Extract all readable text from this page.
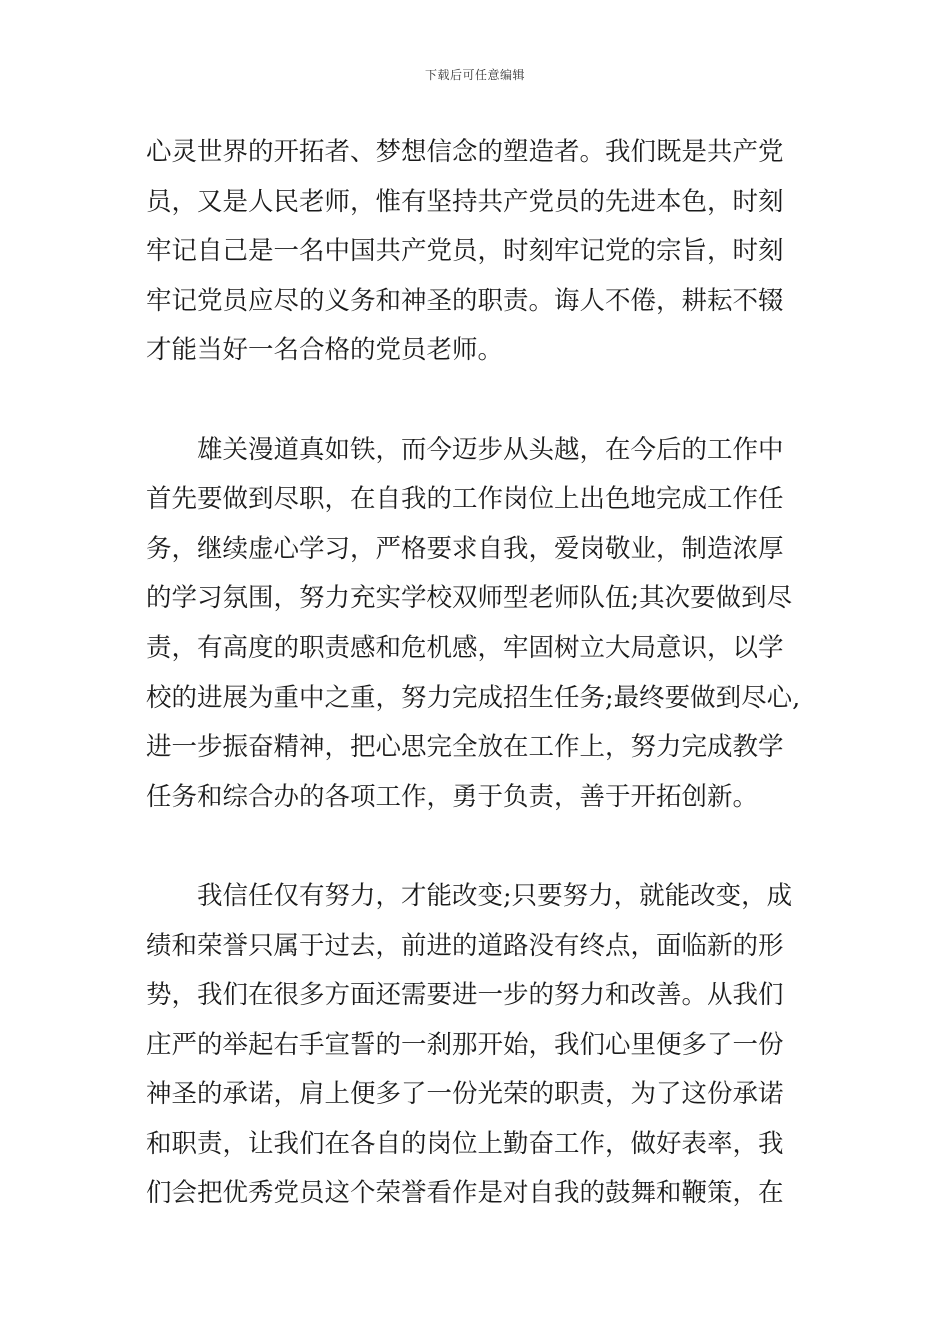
下载后可任意编辑
心灵世界的开拓者、梦想信念的塑造者。我们既是共产党
员，又是人民老师，惟有坚持共产党员的先进本色，时刻
牢记自己是一名中国共产党员，时刻牢记党的宗旨，时刻
牢记党员应尽的义务和神圣的职责。诲人不倦，耕耘不辍
才能当好一名合格的党员老师。
雄关漫道真如铁，而今迈步从头越，在今后的工作中
首先要做到尽职，在自我的工作岗位上出色地完成工作任
务，继续虚心学习，严格要求自我，爱岗敬业，制造浓厚
的学习氛围，努力充实学校双师型老师队伍;其次要做到尽
责，有高度的职责感和危机感，牢固树立大局意识，以学
校的进展为重中之重，努力完成招生任务;最终要做到尽心,
进一步振奋精神，把心思完全放在工作上，努力完成教学
任务和综合办的各项工作，勇于负责，善于开拓创新。
我信任仅有努力，才能改变;只要努力，就能改变，成
绩和荣誉只属于过去，前进的道路没有终点，面临新的形
势，我们在很多方面还需要进一步的努力和改善。从我们
庄严的举起右手宣誓的一刹那开始，我们心里便多了一份
神圣的承诺，肩上便多了一份光荣的职责，为了这份承诺
和职责，让我们在各自的岗位上勤奋工作，做好表率，我
们会把优秀党员这个荣誉看作是对自我的鼓舞和鞭策，在
